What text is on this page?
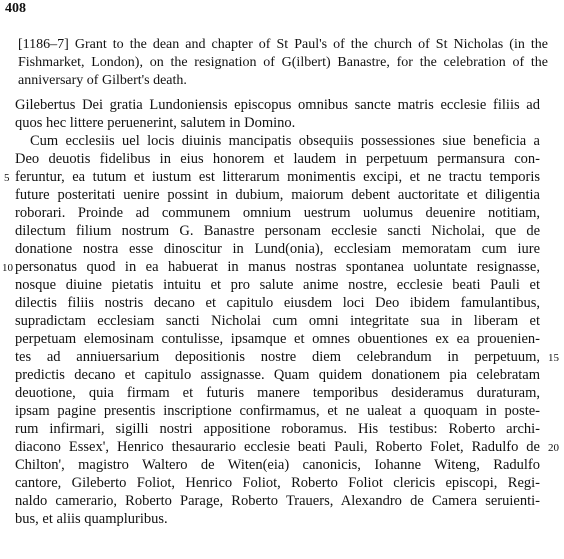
408
[1186–7] Grant to the dean and chapter of St Paul's of the church of St Nicholas (in the
Fishmarket, London), on the resignation of G(ilbert) Banastre, for the celebration of the
anniversary of Gilbert's death.
Gilebertus Dei gratia Lundoniensis episcopus omnibus sancte matris ecclesie filiis ad
quos hec littere peruenerint, salutem in Domino.
Cum ecclesiis uel locis diuinis mancipatis obsequiis possessiones siue beneficia a
Deo deuotis fidelibus in eius honorem et laudem in perpetuum permansura con-
feruntur, ea tutum et iustum est litterarum monimentis excipi, et ne tractu temporis
future posteritati uenire possint in dubium, maiorum debent auctoritate et diligentia
roborari. Proinde ad communem omnium uestrum uolumus deuenire notitiam,
dilectum filium nostrum G. Banastre personam ecclesie sancti Nicholai, que de
donatione nostra esse dinoscitur in Lund(onia), ecclesiam memoratam cum iure
personatus quod in ea habuerat in manus nostras spontanea uoluntate resignasse,
nosque diuine pietatis intuitu et pro salute anime nostre, ecclesie beati Pauli et
dilectis filiis nostris decano et capitulo eiusdem loci Deo ibidem famulantibus,
supradictam ecclesiam sancti Nicholai cum omni integritate sua in liberam et
perpetuam elemosinam contulisse, ipsamque et omnes obuentiones ex ea prouenien-
tes ad anniuersarium depositionis nostre diem celebrandum in perpetuum,
predictis decano et capitulo assignasse. Quam quidem donationem pia celebratam
deuotione, quia firmam et futuris manere temporibus desideramus duraturam,
ipsam pagine presentis inscriptione confirmamus, et ne ualeat a quoquam in poste-
rum infirmari, sigilli nostri appositione roboramus. His testibus: Roberto archi-
diacono Essex', Henrico thesaurario ecclesie beati Pauli, Roberto Folet, Radulfo de
Chilton', magistro Waltero de Witen(eia) canonicis, Iohanne Witeng, Radulfo
cantore, Gileberto Foliot, Henrico Foliot, Roberto Foliot clericis episcopi, Regi-
naldo camerario, Roberto Parage, Roberto Trauers, Alexandro de Camera seruienti-
bus, et aliis quampluribus.
5
10
15
20
